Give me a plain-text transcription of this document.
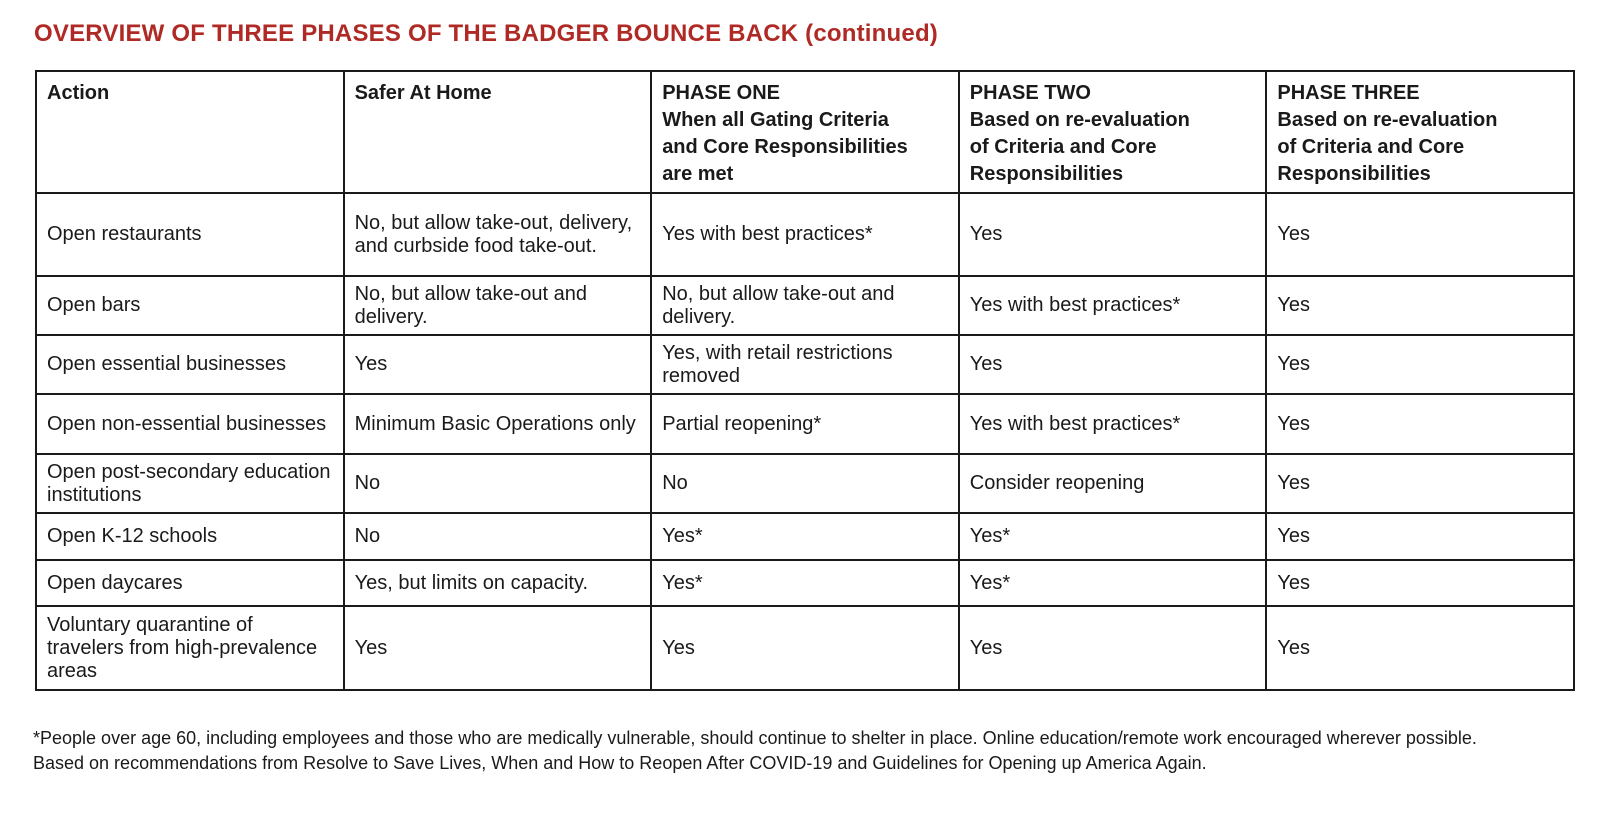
OVERVIEW OF THREE PHASES OF THE BADGER BOUNCE BACK (continued)
Action	Safer At Home	PHASE ONE
When all Gating Criteria
and Core Responsibilities
are met	PHASE TWO
Based on re-evaluation
of Criteria and Core
Responsibilities	PHASE THREE
Based on re-evaluation
of Criteria and Core
Responsibilities

Open restaurants	No, but allow take-out, delivery, and curbside food take-out.	Yes with best practices*	Yes	Yes
Open bars	No, but allow take-out and delivery.	No, but allow take-out and delivery.	Yes with best practices*	Yes
Open essential businesses	Yes	Yes, with retail restrictions removed	Yes	Yes
Open non-essential businesses	Minimum Basic Operations only	Partial reopening*	Yes with best practices*	Yes
Open post-secondary education institutions	No	No	Consider reopening	Yes
Open K-12 schools	No	Yes*	Yes*	Yes
Open daycares	Yes, but limits on capacity.	Yes*	Yes*	Yes
Voluntary quarantine of travelers from high-prevalence areas	Yes	Yes	Yes	Yes

*People over age 60, including employees and those who are medically vulnerable, should continue to shelter in place. Online education/remote work encouraged wherever possible.

Based on recommendations from Resolve to Save Lives, When and How to Reopen After COVID-19 and Guidelines for Opening up America Again.
